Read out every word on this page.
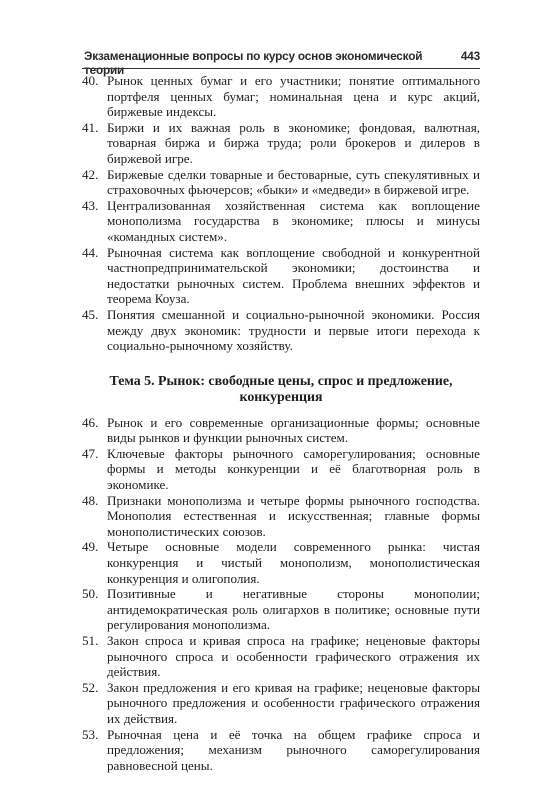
Экзаменационные вопросы по курсу основ экономической теории
443

40. Рынок ценных бумаг и его участники; понятие оптимального портфеля ценных бумаг; номинальная цена и курс акций, биржевые индексы.

41. Биржи и их важная роль в экономике; фондовая, валютная, товарная биржа и биржа труда; роли брокеров и дилеров в биржевой игре.

42. Биржевые сделки товарные и бестоварные, суть спекулятивных и страховочных фьючерсов; «быки» и «медведи» в биржевой игре.

43. Централизованная хозяйственная система как воплощение монополизма государства в экономике; плюсы и минусы «командных систем».

44. Рыночная система как воплощение свободной и конкурентной частнопредпринимательской экономики; достоинства и недостатки рыночных систем. Проблема внешних эффектов и теорема Коуза.

45. Понятия смешанной и социально-рыночной экономики. Россия между двух экономик: трудности и первые итоги перехода к социально-рыночному хозяйству.

Тема 5. Рынок: свободные цены, спрос и предложение, конкуренция

46. Рынок и его современные организационные формы; основные виды рынков и функции рыночных систем.

47. Ключевые факторы рыночного саморегулирования; основные формы и методы конкуренции и её благотворная роль в экономике.

48. Признаки монополизма и четыре формы рыночного господства. Монополия естественная и искусственная; главные формы монополистических союзов.

49. Четыре основные модели современного рынка: чистая конкуренция и чистый монополизм, монополистическая конкуренция и олигополия.

50. Позитивные и негативные стороны монополии; антидемократическая роль олигархов в политике; основные пути регулирования монополизма.

51. Закон спроса и кривая спроса на графике; неценовые факторы рыночного спроса и особенности графического отражения их действия.

52. Закон предложения и его кривая на графике; неценовые факторы рыночного предложения и особенности графического отражения их действия.

53. Рыночная цена и её точка на общем графике спроса и предложения; механизм рыночного саморегулирования равновесной цены.
